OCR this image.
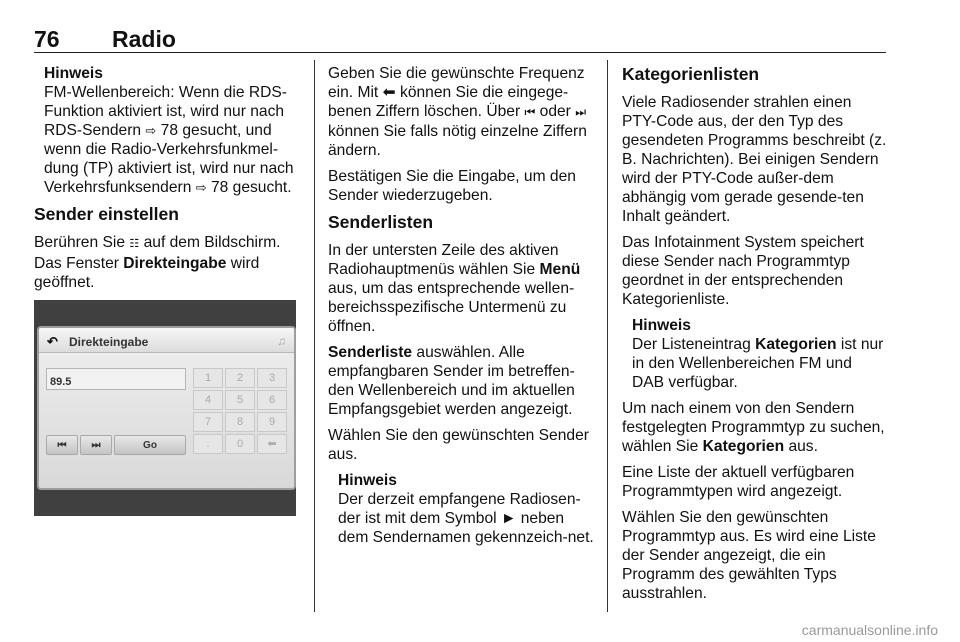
76 Radio
Hinweis
FM-Wellenbereich: Wenn die RDS-Funktion aktiviert ist, wird nur nach RDS-Sendern ⇨ 78 gesucht, und wenn die Radio-Verkehrsfunkmel-dung (TP) aktiviert ist, wird nur nach Verkehrsfunksendern ⇨ 78 gesucht.
Sender einstellen

Berühren Sie ☷ auf dem Bildschirm. Das Fenster Direkteingabe wird geöffnet.

↶ Direkteingabe	♫
89.5
⏮	⏭	Go
1	2	3
4	5	6
7	8	9
.	0	⬅

Geben Sie die gewünschte Frequenz ein. Mit ⬅ können Sie die eingege-benen Ziffern löschen. Über ⏮ oder ⏭ können Sie falls nötig einzelne Ziffern ändern.

Bestätigen Sie die Eingabe, um den Sender wiederzugeben.

Senderlisten

In der untersten Zeile des aktiven Radiohauptmenüs wählen Sie Menü aus, um das entsprechende wellen-bereichsspezifische Untermenü zu öffnen.

Senderliste auswählen. Alle empfangbaren Sender im betreffen-den Wellenbereich und im aktuellen Empfangsgebiet werden angezeigt.

Wählen Sie den gewünschten Sender aus.

Hinweis
Der derzeit empfangene Radiosen-der ist mit dem Symbol ► neben dem Sendernamen gekennzeich-net.
Kategorienlisten

Viele Radiosender strahlen einen PTY-Code aus, der den Typ des gesendeten Programms beschreibt (z. B. Nachrichten). Bei einigen Sendern wird der PTY-Code außer-dem abhängig vom gerade gesende-ten Inhalt geändert.

Das Infotainment System speichert diese Sender nach Programmtyp geordnet in der entsprechenden Kategorienliste.

Hinweis
Der Listeneintrag Kategorien ist nur in den Wellenbereichen FM und DAB verfügbar.

Um nach einem von den Sendern festgelegten Programmtyp zu suchen, wählen Sie Kategorien aus.

Eine Liste der aktuell verfügbaren Programmtypen wird angezeigt.

Wählen Sie den gewünschten Programmtyp aus. Es wird eine Liste der Sender angezeigt, die ein Programm des gewählten Typs ausstrahlen.

carmanualsonline.info
